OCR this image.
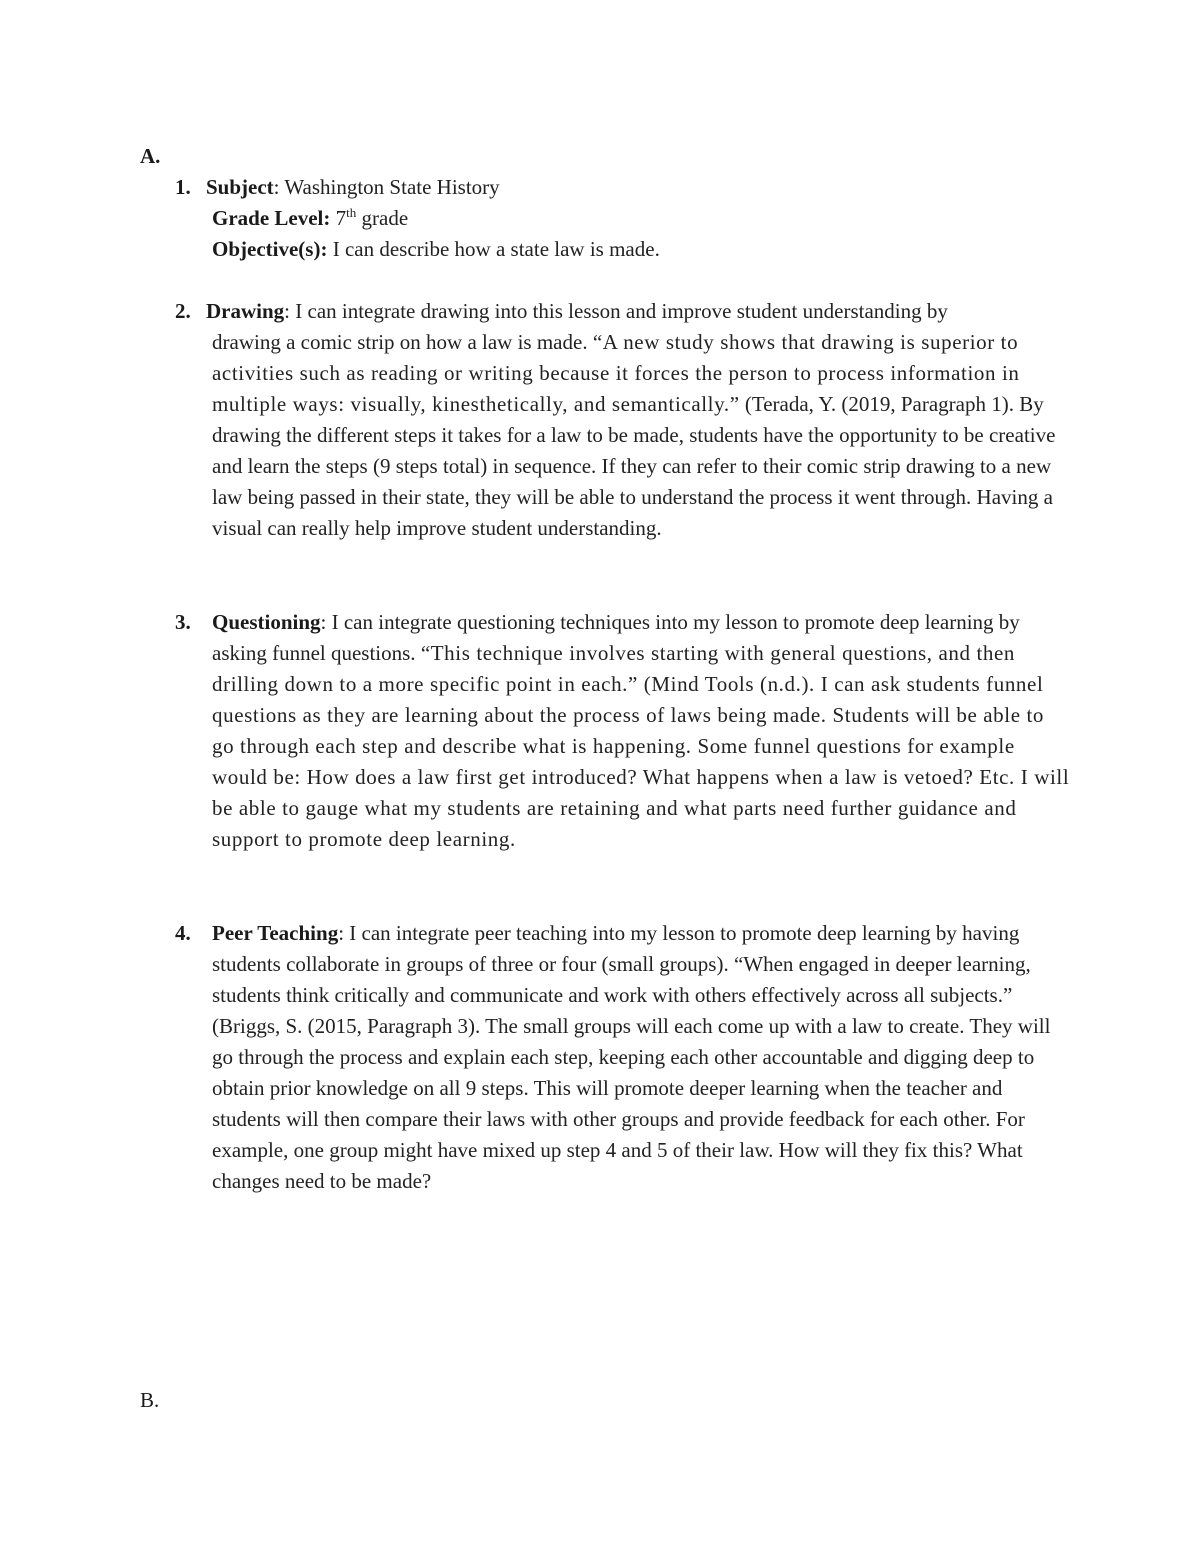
A.
1. Subject: Washington State History
Grade Level: 7th grade
Objective(s): I can describe how a state law is made.
2. Drawing: I can integrate drawing into this lesson and improve student understanding by
drawing a comic strip on how a law is made. “A new study shows that drawing is superior to activities such as reading or writing because it forces the person to process information in multiple ways: visually, kinesthetically, and semantically.” (Terada, Y. (2019, Paragraph 1). By drawing the different steps it takes for a law to be made, students have the opportunity to be creative and learn the steps (9 steps total) in sequence. If they can refer to their comic strip drawing to a new law being passed in their state, they will be able to understand the process it went through. Having a visual can really help improve student understanding.
3. Questioning: I can integrate questioning techniques into my lesson to promote deep learning by asking funnel questions. “This technique involves starting with general questions, and then drilling down to a more specific point in each.” (Mind Tools (n.d.). I can ask students funnel questions as they are learning about the process of laws being made. Students will be able to go through each step and describe what is happening. Some funnel questions for example would be: How does a law first get introduced? What happens when a law is vetoed? Etc. I will be able to gauge what my students are retaining and what parts need further guidance and support to promote deep learning.
4. Peer Teaching: I can integrate peer teaching into my lesson to promote deep learning by having students collaborate in groups of three or four (small groups). “When engaged in deeper learning, students think critically and communicate and work with others effectively across all subjects.” (Briggs, S. (2015, Paragraph 3). The small groups will each come up with a law to create. They will go through the process and explain each step, keeping each other accountable and digging deep to obtain prior knowledge on all 9 steps. This will promote deeper learning when the teacher and students will then compare their laws with other groups and provide feedback for each other. For example, one group might have mixed up step 4 and 5 of their law. How will they fix this? What changes need to be made?
B.
